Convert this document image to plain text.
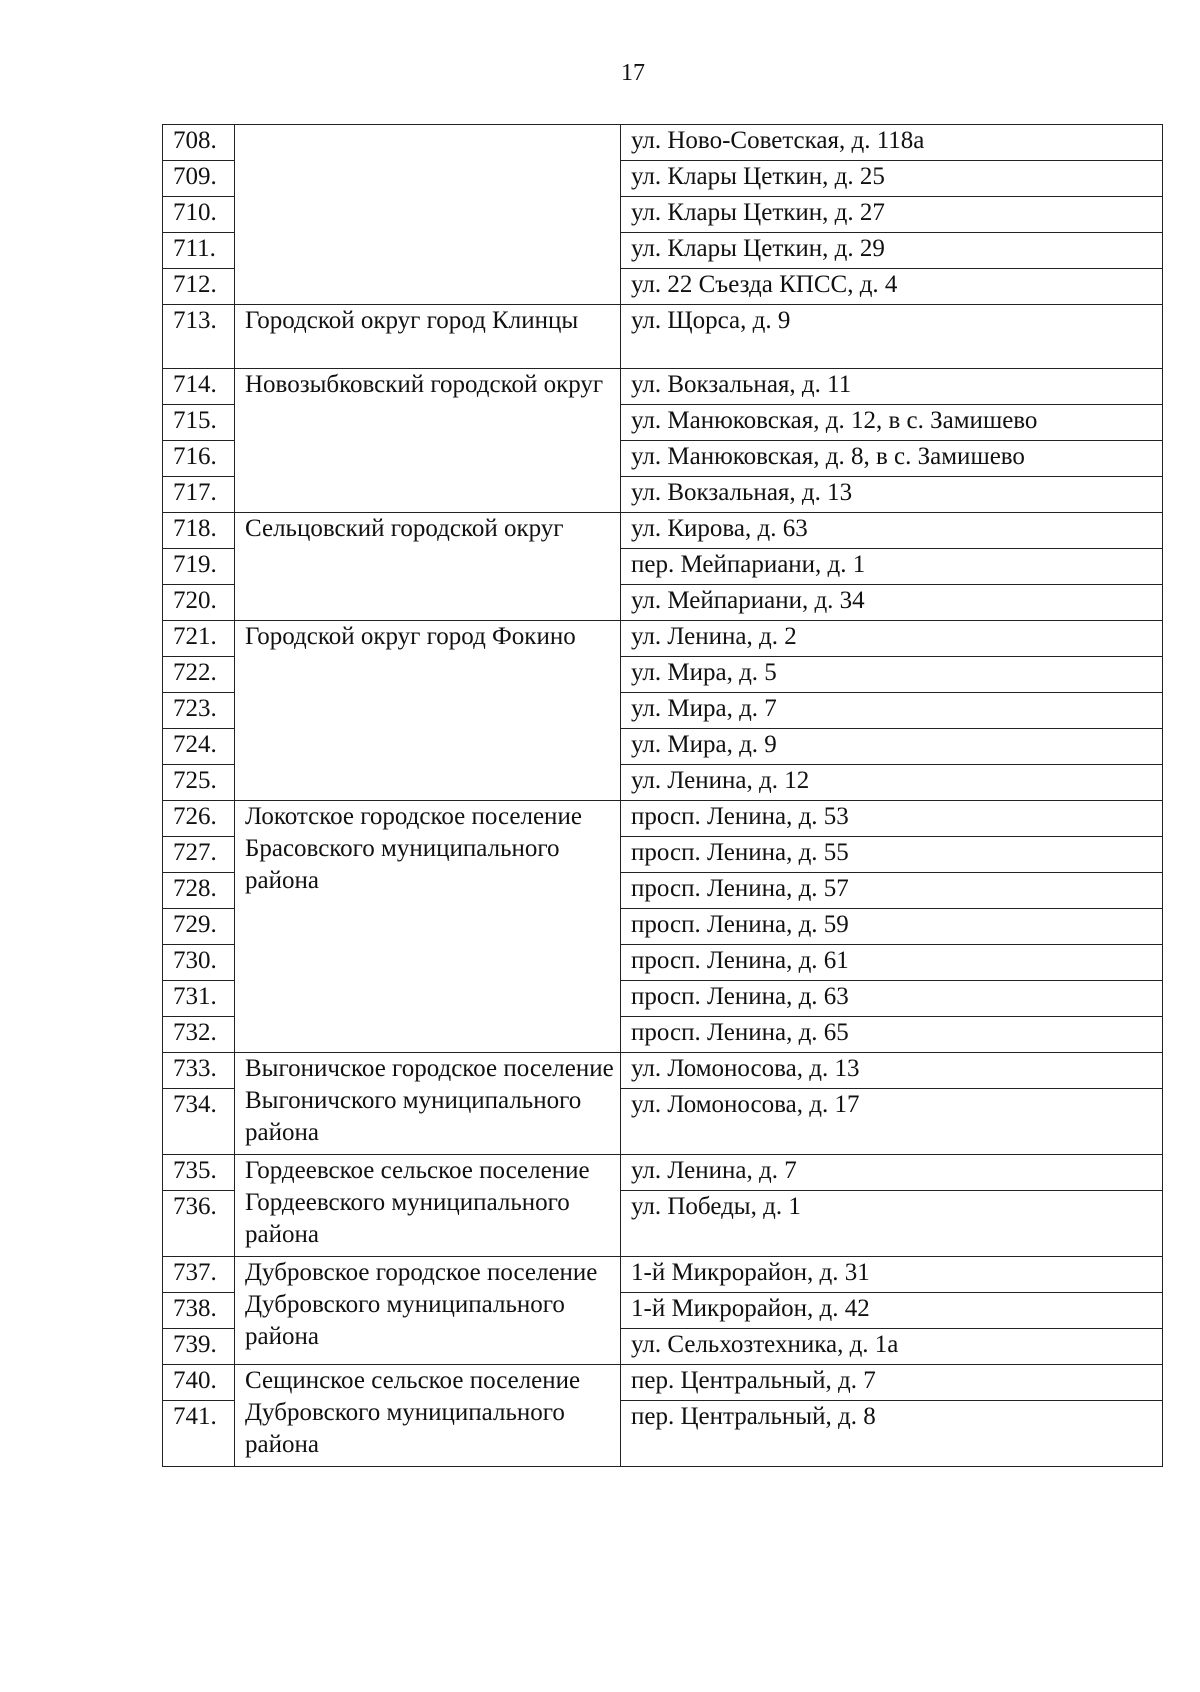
17
708.		ул. Ново-Советская, д. 118а
709.		ул. Клары Цеткин, д. 25
710.		ул. Клары Цеткин, д. 27
711.		ул. Клары Цеткин, д. 29
712.		ул. 22 Съезда КПСС, д. 4
713.	Городской округ город Клинцы	ул. Щорса, д. 9
714.	Новозыбковский городской округ	ул. Вокзальная, д. 11
715.		ул. Манюковская, д. 12, в с. Замишево
716.		ул. Манюковская, д. 8, в с. Замишево
717.		ул. Вокзальная, д. 13
718.	Сельцовский городской округ	ул. Кирова, д. 63
719.		пер. Мейпариани, д. 1
720.		ул. Мейпариани, д. 34
721.	Городской округ город Фокино	ул. Ленина, д. 2
722.		ул. Мира, д. 5
723.		ул. Мира, д. 7
724.		ул. Мира, д. 9
725.		ул. Ленина, д. 12
726.	Локотское городское поселение Брасовского муниципального района	просп. Ленина, д. 53
727.		просп. Ленина, д. 55
728.		просп. Ленина, д. 57
729.		просп. Ленина, д. 59
730.		просп. Ленина, д. 61
731.		просп. Ленина, д. 63
732.		просп. Ленина, д. 65
733.	Выгоничское городское поселение Выгоничского муниципального района	ул. Ломоносова, д. 13
734.		ул. Ломоносова, д. 17
735.	Гордеевское сельское поселение Гордеевского муниципального района	ул. Ленина, д. 7
736.		ул. Победы, д. 1
737.	Дубровское городское поселение Дубровского муниципального района	1-й Микрорайон, д. 31
738.		1-й Микрорайон, д. 42
739.		ул. Сельхозтехника, д. 1а
740.	Сещинское сельское поселение Дубровского муниципального района	пер. Центральный, д. 7
741.		пер. Центральный, д. 8
